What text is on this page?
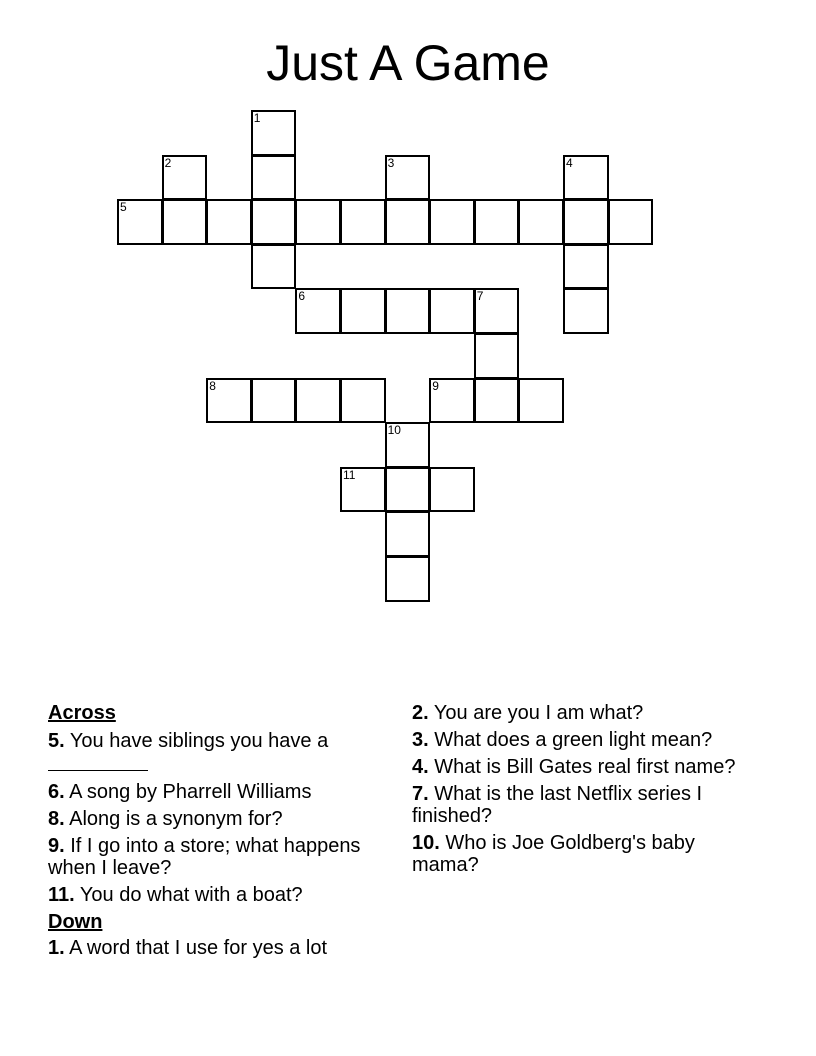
Just A Game
1
2	3	4
5
6	7
8	9
10
11
Across
5. You have siblings you have a

6. A song by Pharrell Williams
8. Along is a synonym for?
9. If I go into a store; what happens when I leave?
11. You do what with a boat?
Down
1. A word that I use for yes a lot
2. You are you I am what?
3. What does a green light mean?
4. What is Bill Gates real first name?
7. What is the last Netflix series I finished?
10. Who is Joe Goldberg's baby mama?
